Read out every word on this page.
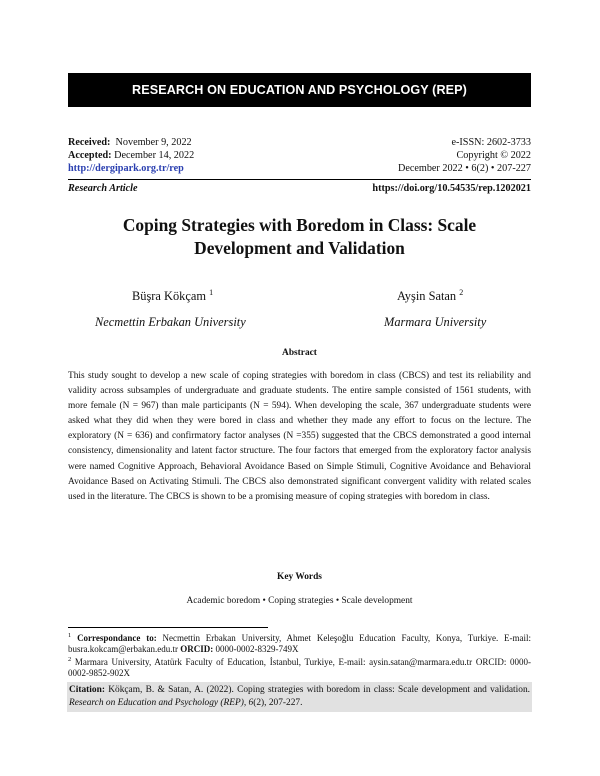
RESEARCH ON EDUCATION AND PSYCHOLOGY (REP)
Received: November 9, 2022
Accepted: December 14, 2022
http://dergipark.org.tr/rep
e-ISSN: 2602-3733
Copyright © 2022
December 2022 • 6(2) • 207-227
Research Article	https://doi.org/10.54535/rep.1202021
Coping Strategies with Boredom in Class: Scale
Development and Validation
Büşra Kökçam $^1$
Necmettin Erbakan University
Ayşin Satan $^2$
Marmara University
Abstract
This study sought to develop a new scale of coping strategies with boredom in class (CBCS) and test its reliability and validity across subsamples of undergraduate and graduate students. The entire sample consisted of 1561 students, with more female (N = 967) than male participants (N = 594). When developing the scale, 367 undergraduate students were asked what they did when they were bored in class and whether they made any effort to focus on the lecture. The exploratory (N = 636) and confirmatory factor analyses (N =355) suggested that the CBCS demonstrated a good internal consistency, dimensionality and latent factor structure. The four factors that emerged from the exploratory factor analysis were named Cognitive Approach, Behavioral Avoidance Based on Simple Stimuli, Cognitive Avoidance and Behavioral Avoidance Based on Activating Stimuli. The CBCS also demonstrated significant convergent validity with related scales used in the literature. The CBCS is shown to be a promising measure of coping strategies with boredom in class.
Key Words
Academic boredom • Coping strategies • Scale development
$^1$ Correspondance to: Necmettin Erbakan University, Ahmet Keleşoğlu Education Faculty, Konya, Turkiye. E-mail: busra.kokcam@erbakan.edu.tr ORCID: 0000-0002-8329-749X
$^2$ Marmara University, Atatürk Faculty of Education, İstanbul, Turkiye, E-mail: aysin.satan@marmara.edu.tr ORCID: 0000-0002-9852-902X
Citation: Kökçam, B. & Satan, A. (2022). Coping strategies with boredom in class: Scale development and validation. Research on Education and Psychology (REP), 6(2), 207-227.
